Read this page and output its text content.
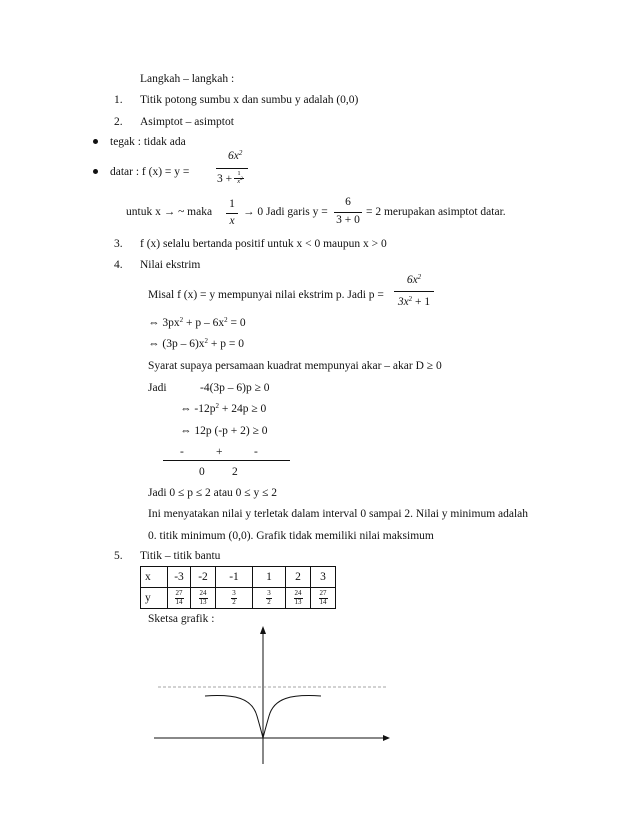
Langkah – langkah :
1. Titik potong sumbu x dan sumbu y adalah (0,0)
2. Asimptot – asimptot
tegak : tidak ada
datar : f (x) = y =
$6x^2$
3 + 1
$x^2$
untuk x → ~ maka
1
x
→ 0 Jadi garis y =
6
3 + 0
= 2 merupakan asimptot datar.
3. f (x) selalu bertanda positif untuk x < 0 maupun x > 0
4. Nilai ekstrim
Misal f (x) = y mempunyai nilai ekstrim p. Jadi p =
$6x^2$
$3x^2 + 1$
⇔ $3px^2 + p - 6x^2 = 0$
⇔ $(3p - 6)x^2 + p = 0$
Syarat supaya persamaan kuadrat mempunyai akar – akar D ≥ 0
Jadi	-4(3p – 6)p ≥ 0
⇔ $-12p^2 + 24p \ge 0$
⇔ 12p (-p + 2) ≥ 0
-	+	-
0 2
Jadi 0 ≤ p ≤ 2 atau 0 ≤ y ≤ 2
Ini menyatakan nilai y terletak dalam interval 0 sampai 2. Nilai y minimum adalah
0. titik minimum (0,0). Grafik tidak memiliki nilai maksimum
5. Titik – titik bantu
x	-3	-2	-1	1	2	3
y	$\frac{27}{14}$	$\frac{24}{13}$	$\frac{3}{2}$	$\frac{3}{2}$	$\frac{24}{13}$	$\frac{27}{14}$
Sketsa grafik :
